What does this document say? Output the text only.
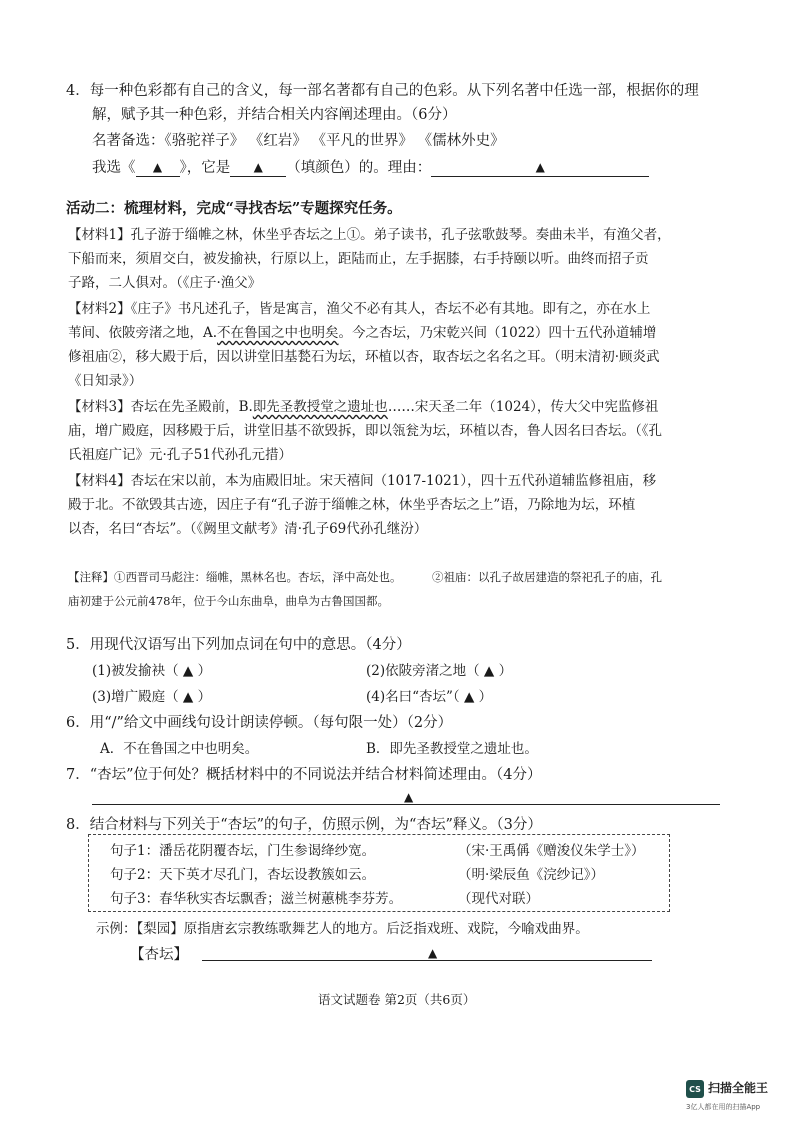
4．每一种色彩都有自己的含义，每一部名著都有自己的色彩。从下列名著中任选一部，根据你的理
解，赋予其一种色彩，并结合相关内容阐述理由。（6分）
名著备选：《骆驼祥子》 《红岩》 《平凡的世界》 《儒林外史》
我选《 ▲ 》，它是 ▲ （填颜色）的。理由：	▲
活动二：梳理材料，完成“寻找杏坛”专题探究任务。
【材料1】孔子游于缁帷之林，休坐乎杏坛之上①。弟子读书，孔子弦歌鼓琴。奏曲未半，有渔父者，
下船而来，须眉交白，被发揄袂，行原以上，距陆而止，左手据膝，右手持颐以听。曲终而招子贡
子路，二人俱对。（《庄子·渔父》
【材料2】《庄子》书凡述孔子，皆是寓言，渔父不必有其人，杏坛不必有其地。即有之，亦在水上
苇间、依陂旁渚之地，A.不在鲁国之中也明矣。今之杏坛，乃宋乾兴间（1022）四十五代孙道辅增
修祖庙②，移大殿于后，因以讲堂旧基甃石为坛，环植以杏，取杏坛之名名之耳。（明末清初·顾炎武
《日知录》）
【材料3】杏坛在先圣殿前，B.即先圣教授堂之遗址也……宋天圣二年（1024），传大父中宪监修祖
庙，增广殿庭，因移殿于后，讲堂旧基不欲毁拆，即以瓴瓮为坛，环植以杏，鲁人因名曰杏坛。（《孔
氏祖庭广记》元·孔子51代孙孔元措）
【材料4】杏坛在宋以前，本为庙殿旧址。宋天禧间（1017-1021），四十五代孙道辅监修祖庙，移
殿于北。不欲毁其古迹，因庄子有“孔子游于缁帷之林，休坐乎杏坛之上”语，乃除地为坛，环植
以杏，名曰“杏坛”。（《阙里文献考》清·孔子69代孙孔继汾）
【注释】①西晋司马彪注：缁帷，黑林名也。杏坛，泽中高处也。	②祖庙：以孔子故居建造的祭祀孔子的庙，孔
庙初建于公元前478年，位于今山东曲阜，曲阜为古鲁国国都。
5．用现代汉语写出下列加点词在句中的意思。（4分）
(1)被发揄袂（ ▲ ）	(2)依陂旁渚之地（ ▲ ）
(3)增广殿庭（ ▲ ）	(4)名曰“杏坛”（ ▲ ）
6．用“/”给文中画线句设计朗读停顿。（每句限一处）（2分）
A．不在鲁国之中也明矣。	B．即先圣教授堂之遗址也。
7．“杏坛”位于何处？概括材料中的不同说法并结合材料简述理由。（4分）
▲
8．结合材料与下列关于“杏坛”的句子，仿照示例，为“杏坛”释义。（3分）
句子1：潘岳花阴覆杏坛，门生参谒绛纱宽。	（宋·王禹偁《赠浚仪朱学士》）
句子2：天下英才尽孔门，杏坛设教簇如云。	（明·梁辰鱼《浣纱记》）
句子3：春华秋实杏坛飘香；滋兰树蕙桃李芬芳。	（现代对联）
示例：【梨园】原指唐玄宗教练歌舞艺人的地方。后泛指戏班、戏院，今喻戏曲界。
【杏坛】	▲
语文试题卷 第2页（共6页）
CS 扫描全能王
3亿人都在用的扫描App
